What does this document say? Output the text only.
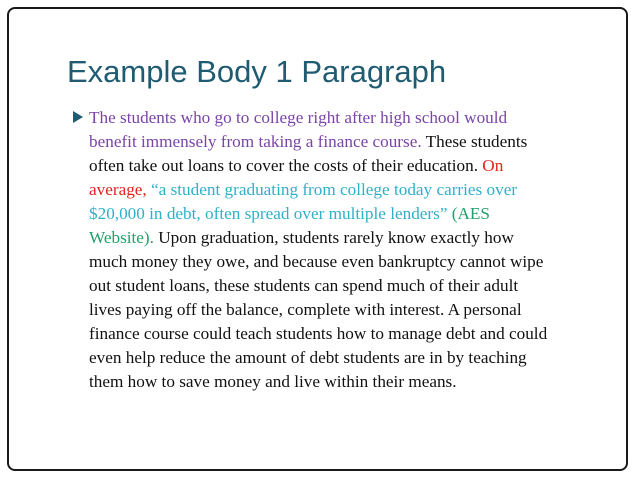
Example Body 1 Paragraph
The students who go to college right after high school would
benefit immensely from taking a finance course. These students
often take out loans to cover the costs of their education. On
average, “a student graduating from college today carries over
$20,000 in debt, often spread over multiple lenders” (AES
Website). Upon graduation, students rarely know exactly how
much money they owe, and because even bankruptcy cannot wipe
out student loans, these students can spend much of their adult
lives paying off the balance, complete with interest. A personal
finance course could teach students how to manage debt and could
even help reduce the amount of debt students are in by teaching
them how to save money and live within their means.
